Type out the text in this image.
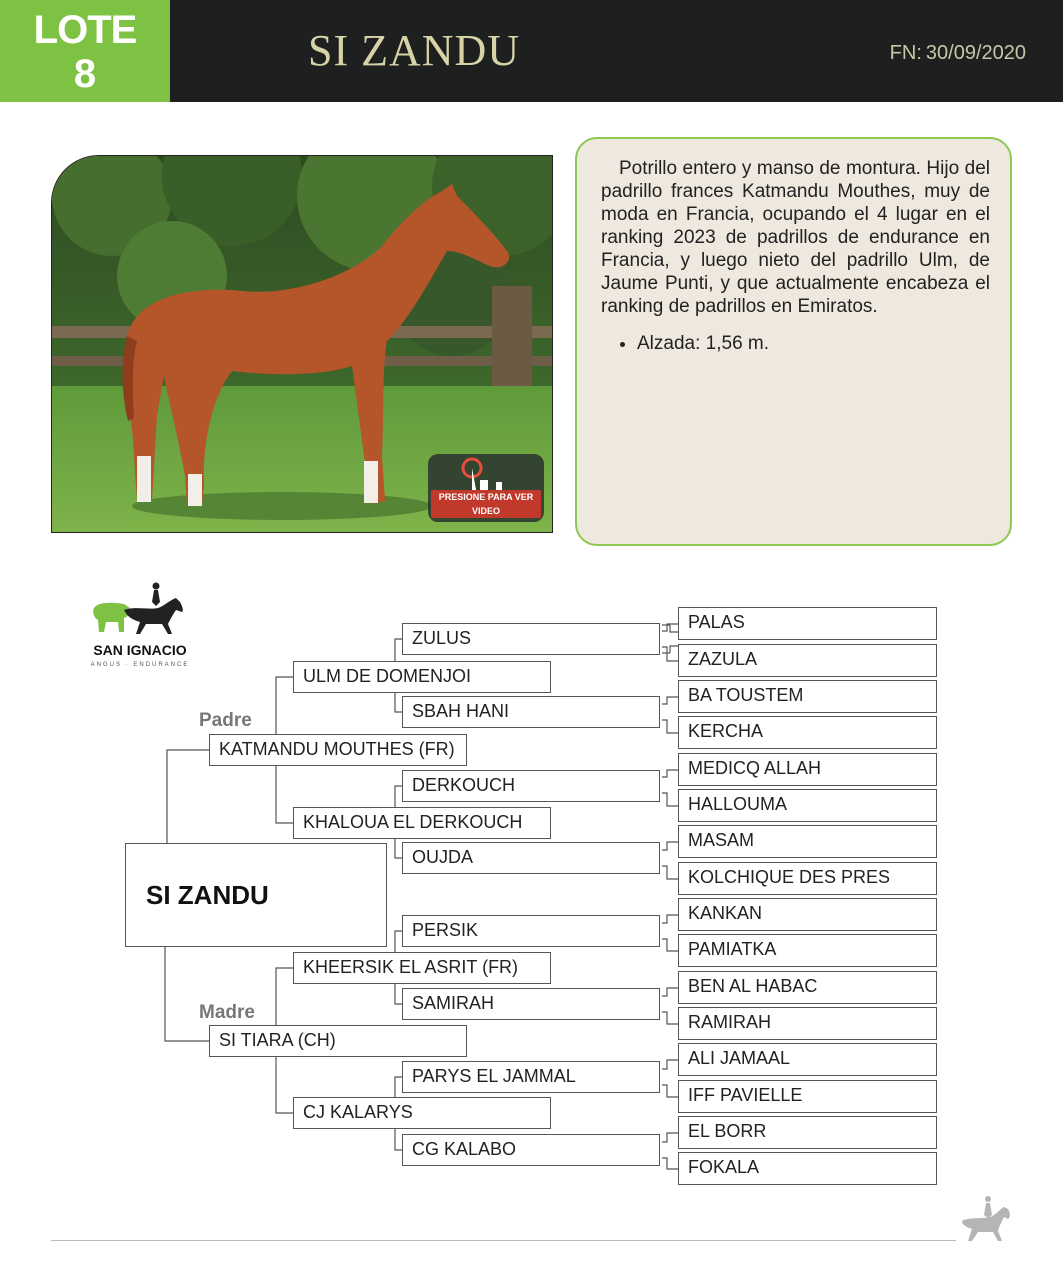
LOTE
8	SI ZANDU	FN: 30/09/2020
PRESIONE PARA VER VIDEO

Potrillo entero y manso de montura. Hijo del padrillo frances Katmandu Mouthes, muy de moda en Francia, ocupando el 4 lugar en el ranking 2023 de padrillos de endurance en Francia, y luego nieto del padrillo Ulm, de Jaume Punti, y que actualmente encabeza el ranking de padrillos en Emiratos.

• Alzada: 1,56 m.
SAN IGNACIO
ANGUS · ENDURANCE
SI ZANDU
Padre
Madre
KATMANDU MOUTHES (FR)
SI TIARA (CH)
ULM DE DOMENJOI
KHALOUA EL DERKOUCH
KHEERSIK EL ASRIT (FR)
CJ KALARYS
ZULUS
SBAH HANI
DERKOUCH
OUJDA
PERSIK
SAMIRAH
PARYS EL JAMMAL
CG KALABO
PALAS
ZAZULA
BA TOUSTEM
KERCHA
MEDICQ ALLAH
HALLOUMA
MASAM
KOLCHIQUE DES PRES
KANKAN
PAMIATKA
BEN AL HABAC
RAMIRAH
ALI JAMAAL
IFF PAVIELLE
EL BORR
FOKALA
